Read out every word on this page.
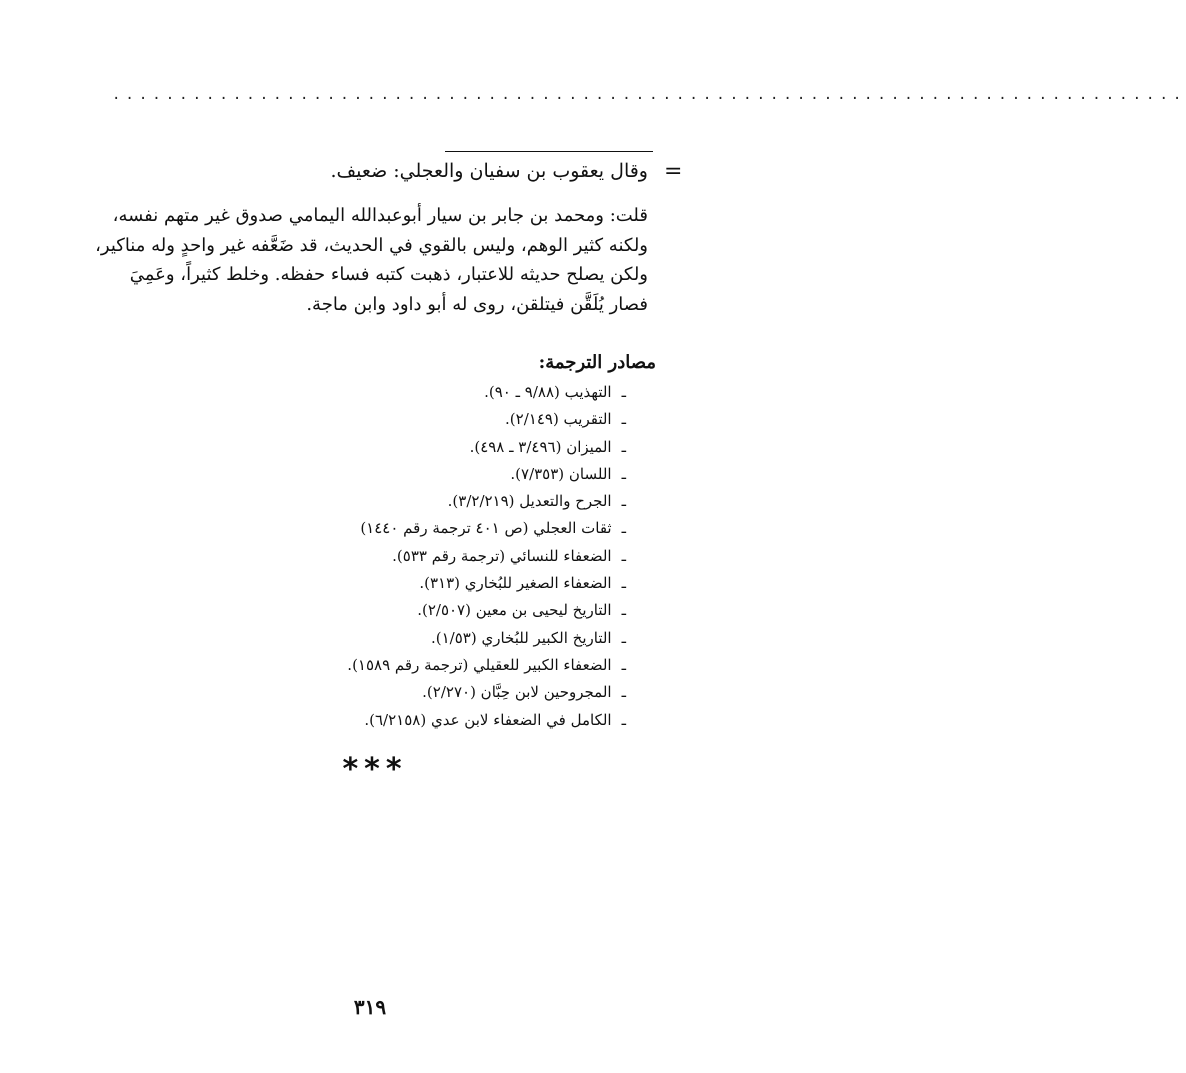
................................................................................
=
وقال يعقوب بن سفيان والعجلي: ضعيف.

قلت: ومحمد بن جابر بن سيار أبوعبدالله اليمامي صدوق غير متهم نفسه،

ولكنه كثير الوهم، وليس بالقوي في الحديث، قد ضَعَّفه غير واحدٍ وله مناكير،

ولكن يصلح حديثه للاعتبار، ذهبت كتبه فساء حفظه. وخلط كثيراً، وعَمِيَ

فصار يُلَقَّن فيتلقن، روى له أبو داود وابن ماجة.

مصادر الترجمة:
ـالتهذيب (٩/٨٨ ـ ٩٠).
ـالتقريب (٢/١٤٩).
ـالميزان (٣/٤٩٦ ـ ٤٩٨).
ـاللسان (٧/٣٥٣).
ـالجرح والتعديل (٣/٢/٢١٩).
ـثقات العجلي (ص ٤٠١ ترجمة رقم ١٤٤٠)
ـالضعفاء للنسائي (ترجمة رقم ٥٣٣).
ـالضعفاء الصغير للبُخاري (٣١٣).
ـالتاريخ ليحيى بن معين (٢/٥٠٧).
ـالتاريخ الكبير للبُخاري (١/٥٣).
ـالضعفاء الكبير للعقيلي (ترجمة رقم ١٥٨٩).
ـالمجروحين لابن حِبَّان (٢/٢٧٠).
ـالكامل في الضعفاء لابن عدي (٦/٢١٥٨).
***
٣١٩
